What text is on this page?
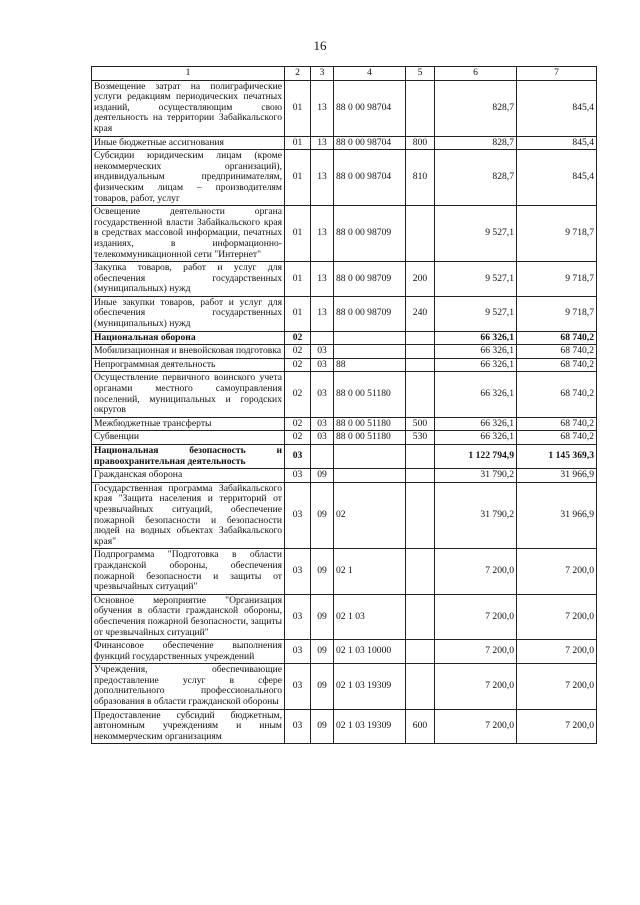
16
1	2	3	4	5	6	7
Возмещение затрат на полиграфические услуги редакциям периодических печатных изданий, осуществляющим свою деятельность на территории Забайкальского края	01	13	88 0 00 98704		828,7	845,4
Иные бюджетные ассигнования	01	13	88 0 00 98704	800	828,7	845,4
Субсидии юридическим лицам (кроме некоммерческих организаций), индивидуальным предпринимателям, физическим лицам – производителям товаров, работ, услуг	01	13	88 0 00 98704	810	828,7	845,4
Освещение деятельности органа государственной власти Забайкальского края в средствах массовой информации, печатных изданиях, в информационно-телекоммуникационной сети "Интернет"	01	13	88 0 00 98709		9 527,1	9 718,7
Закупка товаров, работ и услуг для обеспечения государственных (муниципальных) нужд	01	13	88 0 00 98709	200	9 527,1	9 718,7
Иные закупки товаров, работ и услуг для обеспечения государственных (муниципальных) нужд	01	13	88 0 00 98709	240	9 527,1	9 718,7
Национальная оборона	02				66 326,1	68 740,2
Мобилизационная и вневойсковая подготовка	02	03			66 326,1	68 740,2
Непрограммная деятельность	02	03	88		66 326,1	68 740,2
Осуществление первичного воинского учета органами местного самоуправления поселений, муниципальных и городских округов	02	03	88 0 00 51180		66 326,1	68 740,2
Межбюджетные трансферты	02	03	88 0 00 51180	500	66 326,1	68 740,2
Субвенции	02	03	88 0 00 51180	530	66 326,1	68 740,2
Национальная безопасность и правоохранительная деятельность	03				1 122 794,9	1 145 369,3
Гражданская оборона	03	09			31 790,2	31 966,9
Государственная программа Забайкальского края "Защита населения и территорий от чрезвычайных ситуаций, обеспечение пожарной безопасности и безопасности людей на водных объектах Забайкальского края"	03	09	02		31 790,2	31 966,9
Подпрограмма "Подготовка в области гражданской обороны, обеспечения пожарной безопасности и защиты от чрезвычайных ситуаций"	03	09	02 1		7 200,0	7 200,0
Основное мероприятие "Организация обучения в области гражданской обороны, обеспечения пожарной безопасности, защиты от чрезвычайных ситуаций"	03	09	02 1 03		7 200,0	7 200,0
Финансовое обеспечение выполнения функций государственных учреждений	03	09	02 1 03 10000		7 200,0	7 200,0
Учреждения, обеспечивающие предоставление услуг в сфере дополнительного профессионального образования в области гражданской обороны	03	09	02 1 03 19309		7 200,0	7 200,0
Предоставление субсидий бюджетным, автономным учреждениям и иным некоммерческим организациям	03	09	02 1 03 19309	600	7 200,0	7 200,0
